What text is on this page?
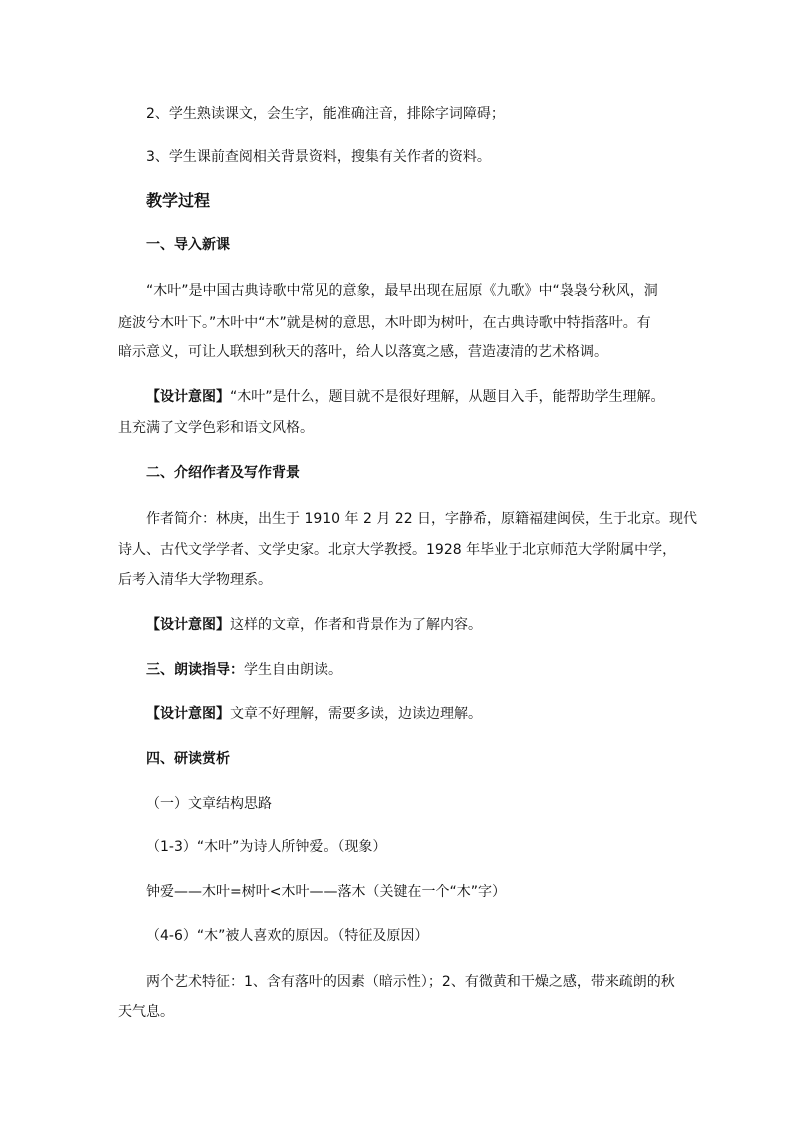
2、学生熟读课文，会生字，能准确注音，排除字词障碍；

3、学生课前查阅相关背景资料，搜集有关作者的资料。

教学过程

一、导入新课

“木叶”是中国古典诗歌中常见的意象，最早出现在屈原《九歌》中“袅袅兮秋风，洞

庭波兮木叶下。”木叶中“木”就是树的意思，木叶即为树叶，在古典诗歌中特指落叶。有

暗示意义，可让人联想到秋天的落叶，给人以落寞之感，营造凄清的艺术格调。

【设计意图】“木叶”是什么，题目就不是很好理解，从题目入手，能帮助学生理解。

且充满了文学色彩和语文风格。

二、介绍作者及写作背景

作者简介：林庚，出生于 1910 年 2 月 22 日，字静希，原籍福建闽侯，生于北京。现代

诗人、古代文学学者、文学史家。北京大学教授。1928 年毕业于北京师范大学附属中学，

后考入清华大学物理系。

【设计意图】这样的文章，作者和背景作为了解内容。

三、朗读指导：学生自由朗读。

【设计意图】文章不好理解，需要多读，边读边理解。

四、研读赏析

（一）文章结构思路

（1-3）“木叶”为诗人所钟爱。（现象）

钟爱——木叶=树叶<木叶——落木（关键在一个“木”字）

（4-6）“木”被人喜欢的原因。（特征及原因）

两个艺术特征：1、含有落叶的因素（暗示性）；2、有微黄和干燥之感，带来疏朗的秋

天气息。
